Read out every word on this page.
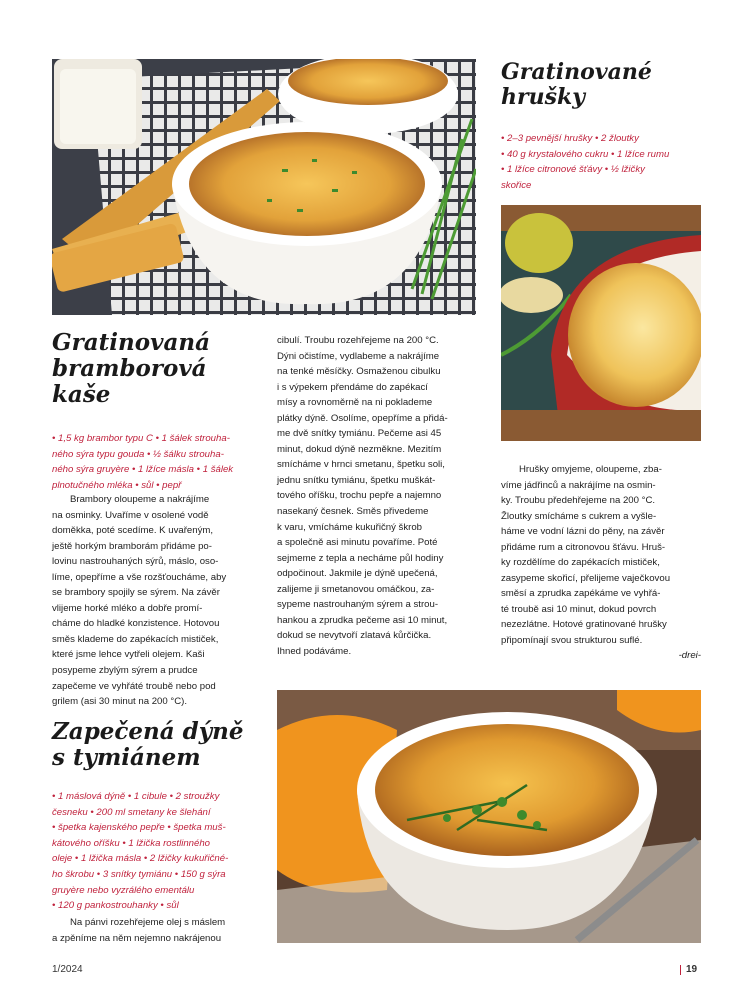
Gratinovaná
bramborová
kaše
• 1,5 kg brambor typu C • 1 šálek strouha-
ného sýra typu gouda • ½ šálku strouha-
ného sýra gruyère • 1 lžíce másla • 1 šálek
plnotučného mléka • sůl • pepř
Brambory oloupeme a nakrájíme
na osminky. Uvaříme v osolené vodě
doměkka, poté scedíme. K uvařeným,
ještě horkým bramborám přidáme po-
lovinu nastrouhaných sýrů, máslo, oso-
líme, opepříme a vše rozšťoucháme, aby
se brambory spojily se sýrem. Na závěr
vlijeme horké mléko a dobře promí-
cháme do hladké konzistence. Hotovou
směs klademe do zapékacích mističek,
které jsme lehce vytřeli olejem. Kaši
posypeme zbylým sýrem a prudce
zapečeme ve vyhřáté troubě nebo pod
grilem (asi 30 minut na 200 °C).
Zapečená dýně
s tymiánem
• 1 máslová dýně • 1 cibule • 2 stroužky
česneku • 200 ml smetany ke šlehání
• špetka kajenského pepře • špetka muš-
kátového oříšku • 1 lžička rostlinného
oleje • 1 lžička másla • 2 lžičky kukuřičné-
ho škrobu • 3 snítky tymiánu • 150 g sýra
gruyère nebo vyzrálého ementálu
• 120 g pankostrouhanky • sůl
Na pánvi rozehřejeme olej s máslem
a zpěníme na něm nejemno nakrájenou
cibulí. Troubu rozehřejeme na 200 °C.
Dýni očistíme, vydlabeme a nakrájíme
na tenké měsíčky. Osmaženou cibulku
i s výpekem přendáme do zapékací
mísy a rovnoměrně na ni poklademe
plátky dýně. Osolíme, opepříme a přidá-
me dvě snítky tymiánu. Pečeme asi 45
minut, dokud dýně nezměkne. Mezitím
smícháme v hrnci smetanu, špetku soli,
jednu snítku tymiánu, špetku muškát-
tového oříšku, trochu pepře a najemno
nasekaný česnek. Směs přivedeme
k varu, vmícháme kukuřičný škrob
a společně asi minutu povaříme. Poté
sejmeme z tepla a necháme půl hodiny
odpočinout. Jakmile je dýně upečená,
zalijeme ji smetanovou omáčkou, za-
sypeme nastrouhaným sýrem a strou-
hankou a zprudka pečeme asi 10 minut,
dokud se nevytvoří zlatavá kůrčička.
Ihned podáváme.
Gratinované
hrušky
• 2–3 pevnější hrušky • 2 žloutky
• 40 g krystalového cukru • 1 lžíce rumu
• 1 lžíce citronové šťávy • ½ lžičky
skořice
Hrušky omyjeme, oloupeme, zba-
víme jádřinců a nakrájíme na osmin-
ky. Troubu předehřejeme na 200 °C.
Žloutky smícháme s cukrem a vyšle-
háme ve vodní lázni do pěny, na závěr
přidáme rum a citronovou šťávu. Hruš-
ky rozdělíme do zapékacích mističek,
zasypeme skořicí, přelijeme vaječkovou
směsí a zprudka zapékáme ve vyhřá-
té troubě asi 10 minut, dokud povrch
nezezlátne. Hotové gratinované hrušky
připomínají svou strukturou suflé.
-drei-
1/2024	19
